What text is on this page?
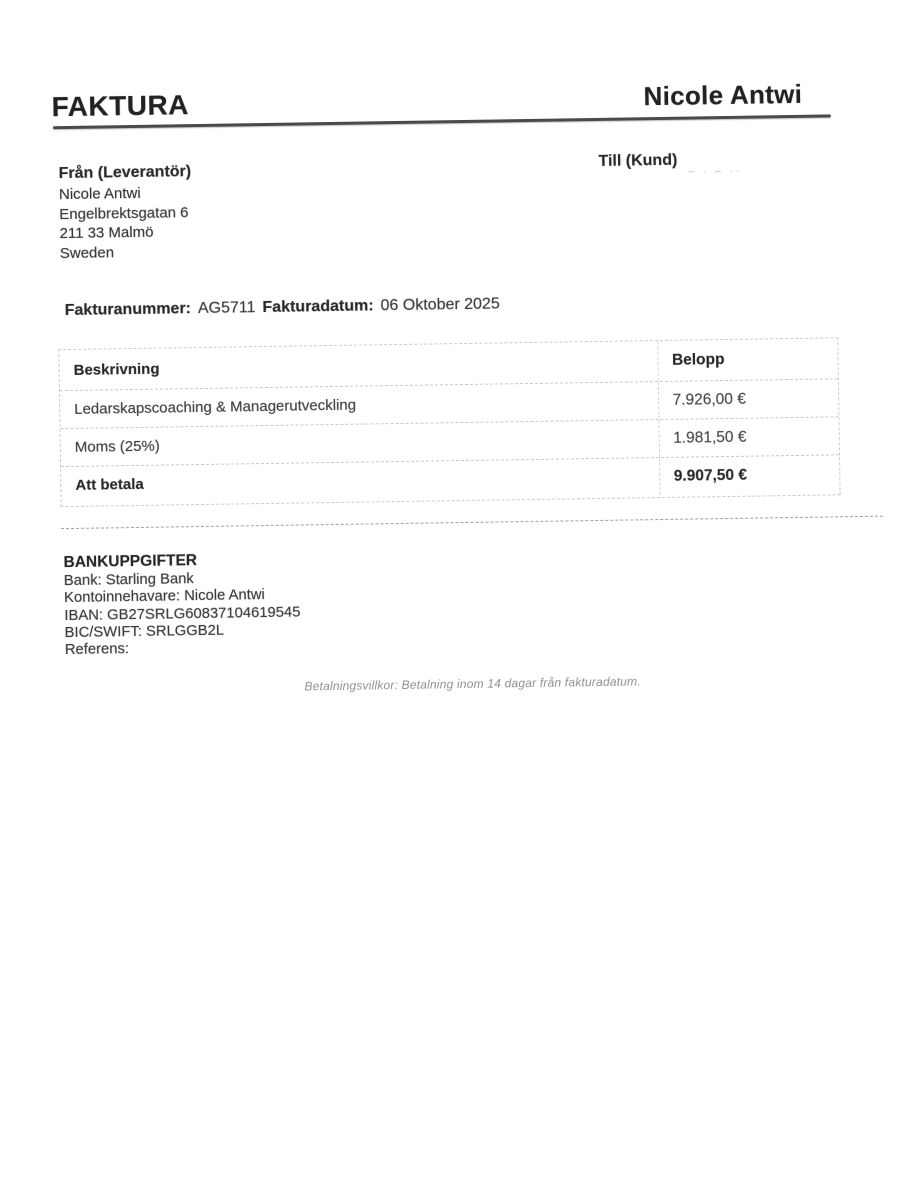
FAKTURA	Nicole Antwi
Från (Leverantör)
Nicole Antwi
Engelbrektsgatan 6
211 33 Malmö
Sweden
Till (Kund)
– · – ··
Fakturanummer: AG5711 Fakturadatum: 06 Oktober 2025
Beskrivning
Belopp
Ledarskapscoaching & Managerutveckling	7.926,00 €
Moms (25%)
1.981,50 €
Att betala
9.907,50 €
BANKUPPGIFTER
Bank: Starling Bank
Kontoinnehavare: Nicole Antwi
IBAN: GB27SRLG60837104619545
BIC/SWIFT: SRLGGB2L
Referens:
Betalningsvillkor: Betalning inom 14 dagar från fakturadatum.
